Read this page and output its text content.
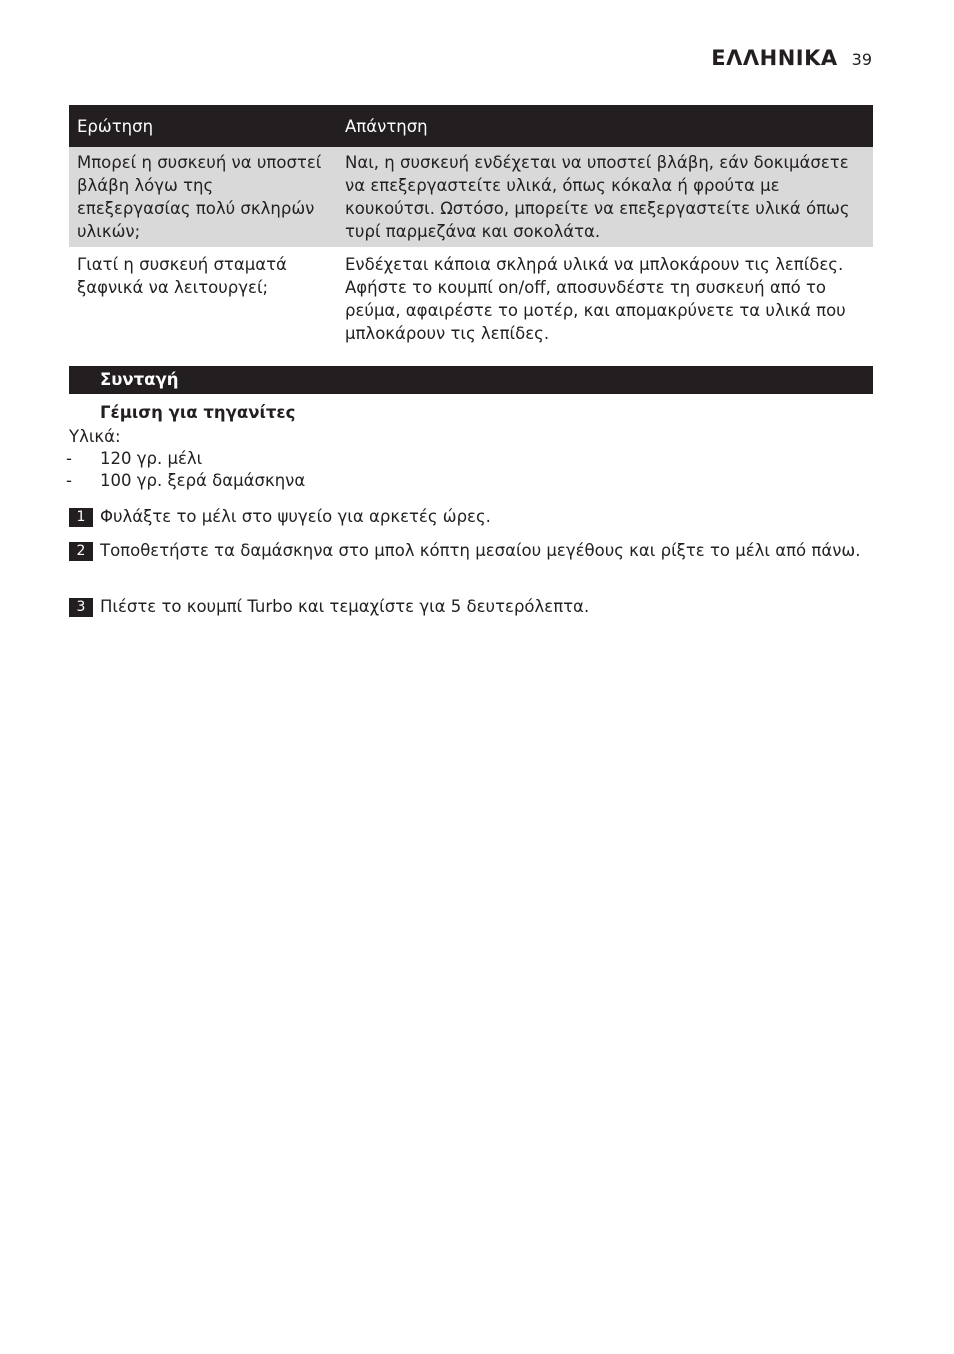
ΕΛΛΗΝΙΚΑ 39
Ερώτηση	Απάντηση
Μπορεί η συσκευή να υποστεί βλάβη λόγω της επεξεργασίας πολύ σκληρών υλικών;	Ναι, η συσκευή ενδέχεται να υποστεί βλάβη, εάν δοκιμάσετε να επεξεργαστείτε υλικά, όπως κόκαλα ή φρούτα με κουκούτσι. Ωστόσο, μπορείτε να επεξεργαστείτε υλικά όπως τυρί παρμεζάνα και σοκολάτα.
Γιατί η συσκευή σταματά ξαφνικά να λειτουργεί;	Ενδέχεται κάποια σκληρά υλικά να μπλοκάρουν τις λεπίδες. Αφήστε το κουμπί on/off, αποσυνδέστε τη συσκευή από το ρεύμα, αφαιρέστε το μοτέρ, και απομακρύνετε τα υλικά που μπλοκάρουν τις λεπίδες.
Συνταγή
Γέμιση για τηγανίτες
Υλικά:
- 120 γρ. μέλι
- 100 γρ. ξερά δαμάσκηνα
1 Φυλάξτε το μέλι στο ψυγείο για αρκετές ώρες.
2 Τοποθετήστε τα δαμάσκηνα στο μπολ κόπτη μεσαίου μεγέθους και ρίξτε το μέλι από πάνω.
3 Πιέστε το κουμπί Turbo και τεμαχίστε για 5 δευτερόλεπτα.
